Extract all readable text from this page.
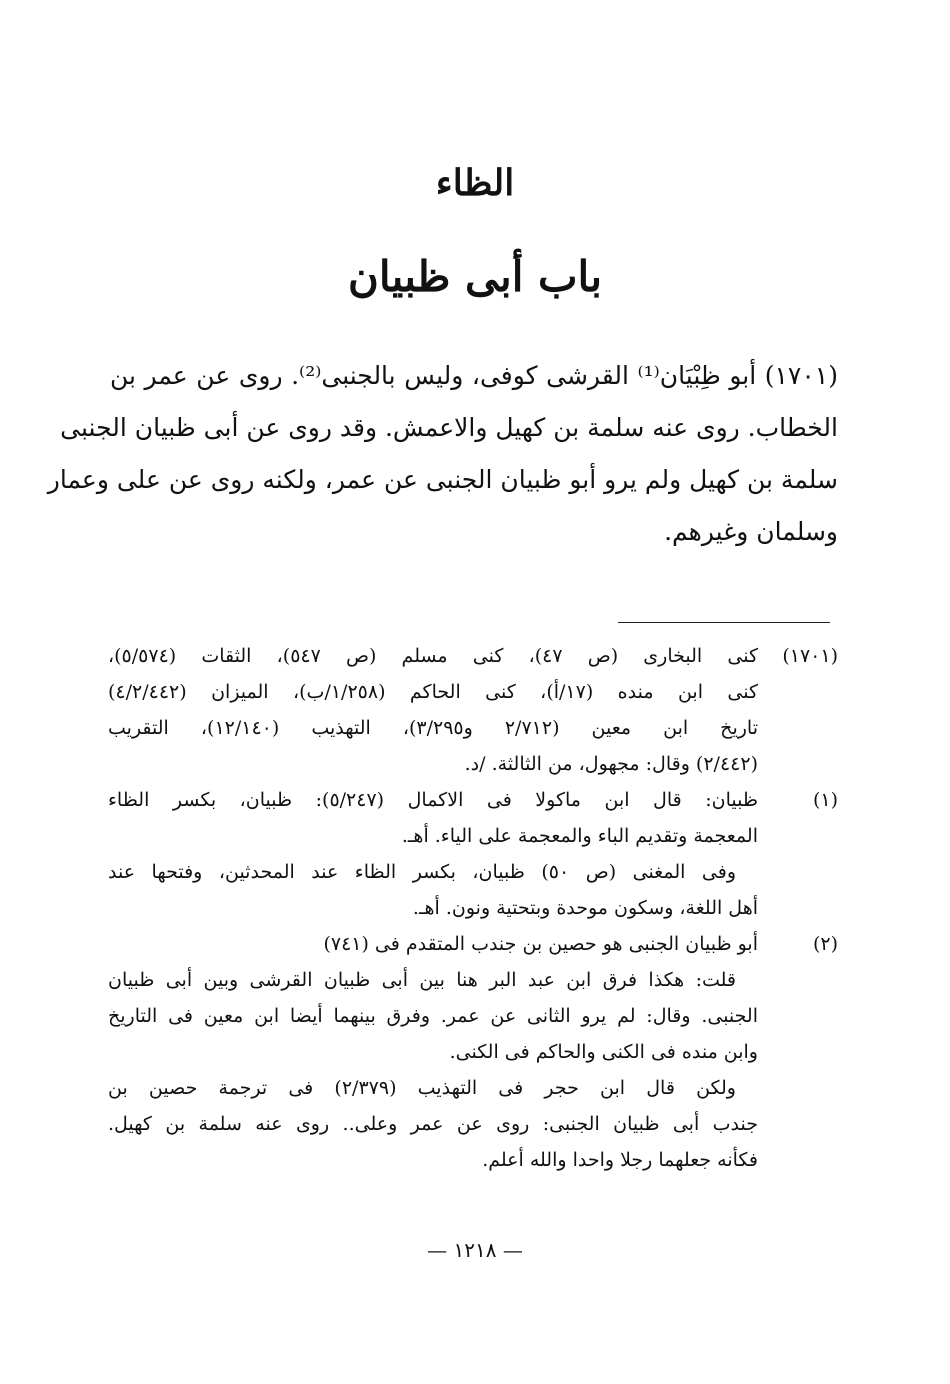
الظاء
باب أبى ظبيان
(١٧٠١) أبو ظِبْيَان⁽¹⁾ القرشى كوفى، وليس بالجنبى⁽²⁾. روى عن عمر بن
الخطاب. روى عنه سلمة بن كهيل والاعمش. وقد روى عن أبى ظبيان الجنبى
سلمة بن كهيل ولم يرو أبو ظبيان الجنبى عن عمر، ولكنه روى عن على وعمار
وسلمان وغيرهم.
(١٧٠١)
كنى البخارى (ص ٤٧)، كنى مسلم (ص ٥٤٧)، الثقات (٥/٥٧٤)،
كنى ابن منده (١٧/أ)، كنى الحاكم (١/٢٥٨/ب)، الميزان (٤/٢/٤٤٢)
تاريخ ابن معين (٢/٧١٢ و٣/٢٩٥)، التهذيب (١٢/١٤٠)، التقريب
(٢/٤٤٢) وقال: مجهول، من الثالثة. /د.
(١)
ظبيان: قال ابن ماكولا فى الاكمال (٥/٢٤٧): ظبيان، بكسر الظاء
المعجمة وتقديم الباء والمعجمة على الياء. أهـ.
وفى المغنى (ص ٥٠) ظبيان، بكسر الظاء عند المحدثين، وفتحها عند
أهل اللغة، وسكون موحدة وبتحتية ونون. أهـ.
(٢)
أبو ظبيان الجنبى هو حصين بن جندب المتقدم فى (٧٤١)
قلت: هكذا فرق ابن عبد البر هنا بين أبى ظبيان القرشى وبين أبى ظبيان
الجنبى. وقال: لم يرو الثانى عن عمر. وفرق بينهما أيضا ابن معين فى التاريخ
وابن منده فى الكنى والحاكم فى الكنى.
ولكن قال ابن حجر فى التهذيب (٢/٣٧٩) فى ترجمة حصين بن
جندب أبى ظبيان الجنبى: روى عن عمر وعلى.. روى عنه سلمة بن كهيل.
فكأنه جعلهما رجلا واحدا والله أعلم.
— ١٢١٨ —
